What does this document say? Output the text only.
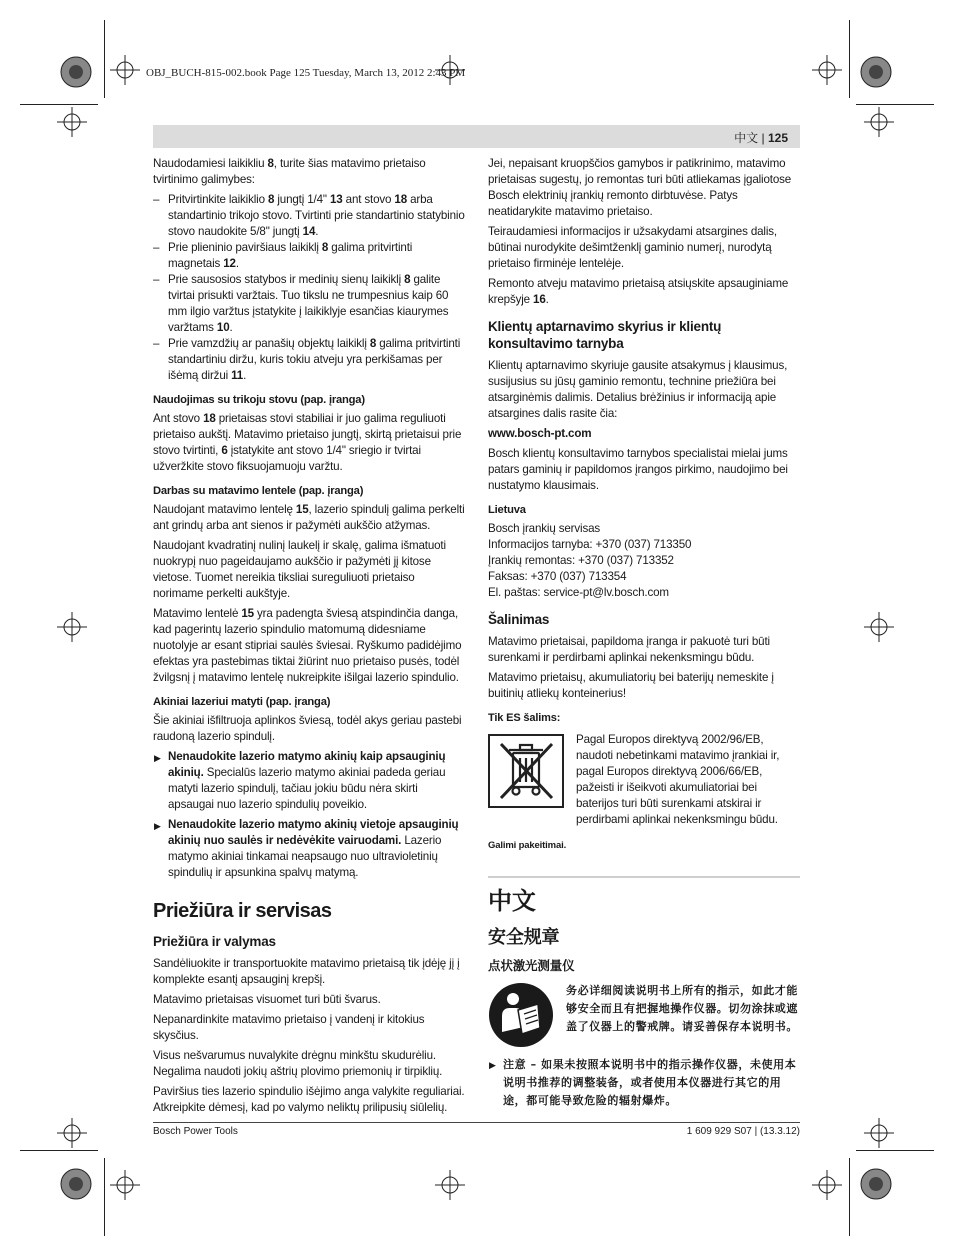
OBJ_BUCH-815-002.book Page 125 Tuesday, March 13, 2012 2:43 PM
中文 | 125

Naudodamiesi laikikliu 8, turite šias matavimo prietaiso tvirtinimo galimybes:

– Pritvirtinkite laikiklio 8 jungtį 1/4" 13 ant stovo 18 arba standartinio trikojo stovo. Tvirtinti prie standartinio statybinio stovo naudokite 5/8" jungtį 14.

– Prie plieninio paviršiaus laikiklį 8 galima pritvirtinti magnetais 12.

– Prie sausosios statybos ir medinių sienų laikiklį 8 galite tvirtai prisukti varžtais. Tuo tikslu ne trumpesnius kaip 60 mm ilgio varžtus įstatykite į laikiklyje esančias kiaurymes varžtams 10.

– Prie vamzdžių ar panašių objektų laikiklį 8 galima pritvirtinti standartiniu diržu, kuris tokiu atveju yra perkišamas per išėmą diržui 11.

Naudojimas su trikoju stovu (pap. įranga)

Ant stovo 18 prietaisas stovi stabiliai ir juo galima reguliuoti prietaiso aukštį. Matavimo prietaiso jungtį, skirtą prietaisui prie stovo tvirtinti, 6 įstatykite ant stovo 1/4" sriegio ir tvirtai užveržkite stovo fiksuojamuoju varžtu.

Darbas su matavimo lentele (pap. įranga)

Naudojant matavimo lentelę 15, lazerio spindulį galima perkelti ant grindų arba ant sienos ir pažymėti aukščio atžymas.

Naudojant kvadratinį nulinį laukelį ir skalę, galima išmatuoti nuokrypį nuo pageidaujamo aukščio ir pažymėti jį kitose vietose. Tuomet nereikia tiksliai sureguliuoti prietaiso norimame perkelti aukštyje.

Matavimo lentelė 15 yra padengta šviesą atspindinčia danga, kad pagerintų lazerio spindulio matomumą didesniame nuotolyje ar esant stipriai saulės šviesai. Ryškumo padidėjimo efektas yra pastebimas tiktai žiūrint nuo prietaiso pusės, todėl žvilgsnį į matavimo lentelę nukreipkite išilgai lazerio spindulio.

Akiniai lazeriui matyti (pap. įranga)

Šie akiniai išfiltruoja aplinkos šviesą, todėl akys geriau pastebi raudoną lazerio spindulį.

▶ Nenaudokite lazerio matymo akinių kaip apsauginių akinių. Specialūs lazerio matymo akiniai padeda geriau matyti lazerio spindulį, tačiau jokiu būdu nėra skirti apsaugai nuo lazerio spindulių poveikio.

▶ Nenaudokite lazerio matymo akinių vietoje apsauginių akinių nuo saulės ir nedėvėkite vairuodami. Lazerio matymo akiniai tinkamai neapsaugo nuo ultravioletinių spindulių ir apsunkina spalvų matymą.

Priežiūra ir servisas
Priežiūra ir valymas

Sandėliuokite ir transportuokite matavimo prietaisą tik įdėję jį į komplekte esantį apsauginį krepšį.

Matavimo prietaisas visuomet turi būti švarus.

Nepanardinkite matavimo prietaiso į vandenį ir kitokius skysčius.

Visus nešvarumus nuvalykite drėgnu minkštu skudurėliu. Negalima naudoti jokių aštrių plovimo priemonių ir tirpiklių.

Paviršius ties lazerio spindulio išėjimo anga valykite reguliariai. Atkreipkite dėmesį, kad po valymo neliktų prilipusių siūlelių.

Jei, nepaisant kruopščios gamybos ir patikrinimo, matavimo prietaisas sugestų, jo remontas turi būti atliekamas įgaliotose Bosch elektrinių įrankių remonto dirbtuvėse. Patys neatidarykite matavimo prietaiso.

Teiraudamiesi informacijos ir užsakydami atsargines dalis, būtinai nurodykite dešimtženklį gaminio numerį, nurodytą prietaiso firminėje lentelėje.

Remonto atveju matavimo prietaisą atsiųskite apsauginiame krepšyje 16.

Klientų aptarnavimo skyrius ir klientų konsultavimo tarnyba

Klientų aptarnavimo skyriuje gausite atsakymus į klausimus, susijusius su jūsų gaminio remontu, technine priežiūra bei atsarginėmis dalimis. Detalius brėžinius ir informaciją apie atsargines dalis rasite čia:

www.bosch-pt.com

Bosch klientų konsultavimo tarnybos specialistai mielai jums patars gaminių ir papildomos įrangos pirkimo, naudojimo bei nustatymo klausimais.

Lietuva
Bosch įrankių servisas
Informacijos tarnyba: +370 (037) 713350
Įrankių remontas: +370 (037) 713352
Faksas: +370 (037) 713354
El. paštas: service-pt@lv.bosch.com
Šalinimas

Matavimo prietaisai, papildoma įranga ir pakuotė turi būti surenkami ir perdirbami aplinkai nekenksmingu būdu.

Matavimo prietaisų, akumuliatorių bei baterijų nemeskite į buitinių atliekų konteinerius!

Tik ES šalims:

Pagal Europos direktyvą 2002/96/EB, naudoti nebetinkami matavimo įrankiai ir, pagal Europos direktyvą 2006/66/EB, pažeisti ir išeikvoti akumuliatoriai bei baterijos turi būti surenkami atskirai ir perdirbami aplinkai nekenksmingu būdu.

Galimi pakeitimai.
中文
安全规章
点状激光测量仪
务必详细阅读说明书上所有的指示，如此才能够安全而且有把握地操作仪器。切勿涂抹或遮盖了仪器上的警戒牌。请妥善保存本说明书。

▶ 注意 – 如果未按照本说明书中的指示操作仪器，未使用本说明书推荐的调整装备，或者使用本仪器进行其它的用途，都可能导致危险的辐射爆炸。

Bosch Power Tools	1 609 929 S07 | (13.3.12)
